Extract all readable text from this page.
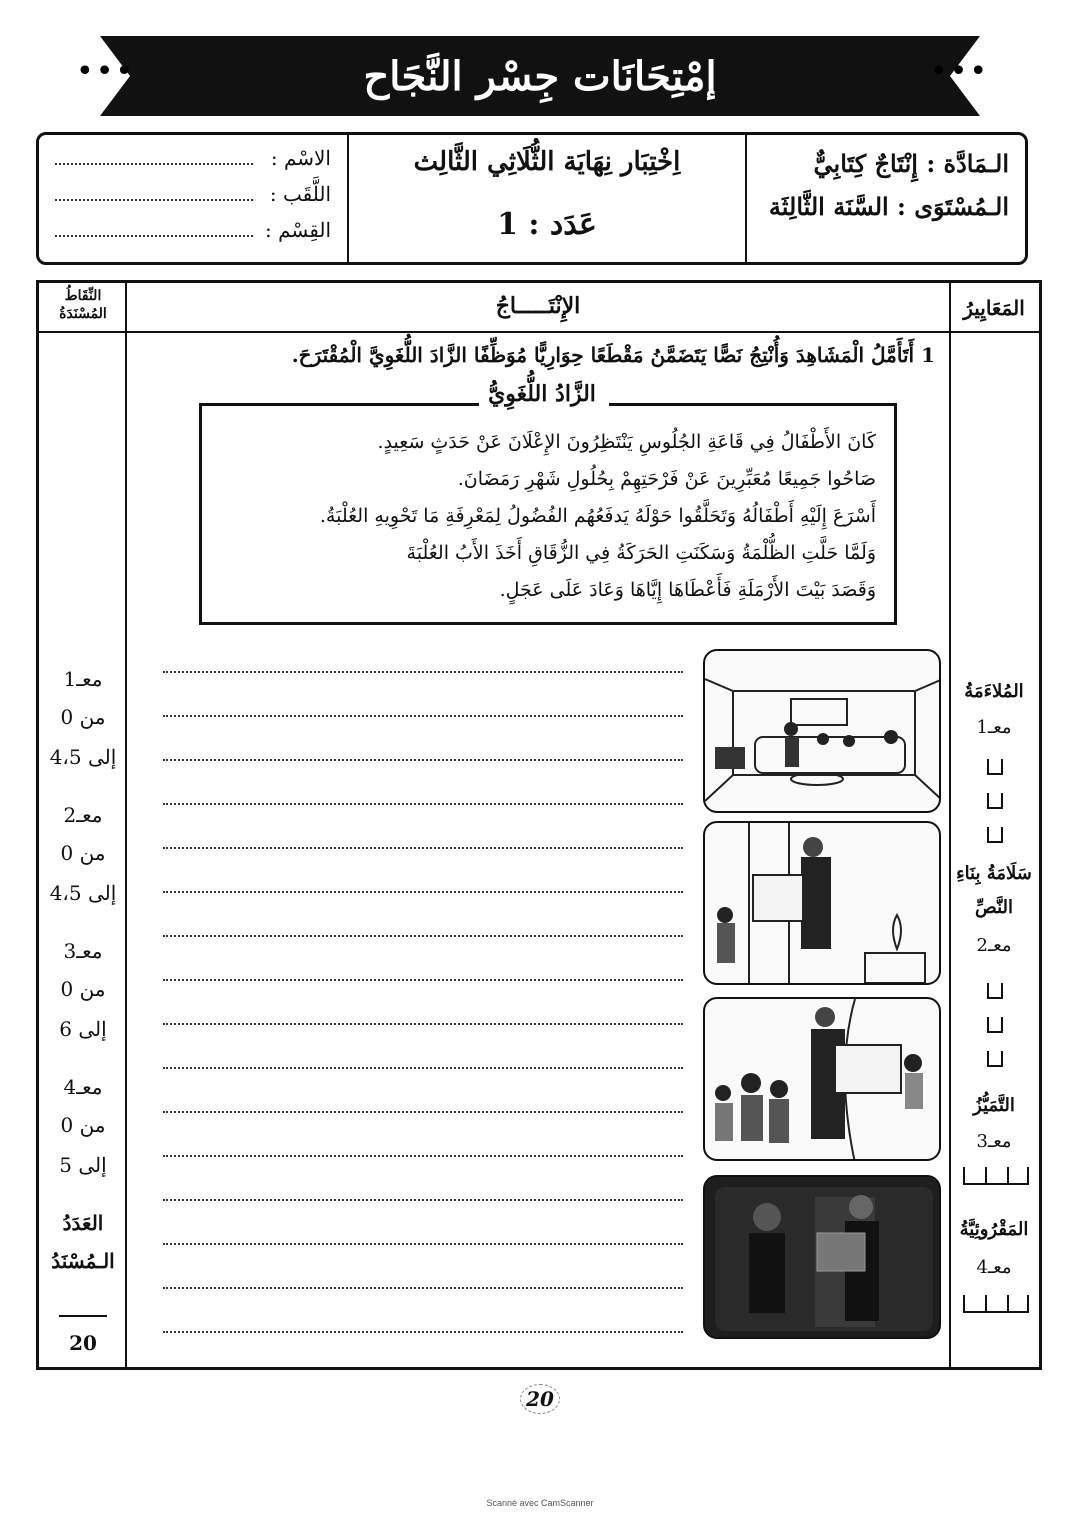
إمْتِحَانَات جِسْر النَّجَاح
•••	•••
الـمَادَّة : إِنْتَاجٌ كِتَابِيٌّ
الـمُسْتَوَى : السَّنَة الثَّالِثَة
اِخْتِبَار نِهَايَة الثُّلَاثِي الثَّالِث
عَدَد : 1
الاسْم :
اللَّقَب :
القِسْم :
المَعَايِيرُ
الإِنْتَـــــاجُ
النِّقَاطُ المُسْنَدَةُ
1 أَتَأَمَّلُ الْمَشَاهِدَ وَأُنْتِجُ نَصًّا يَتَضَمَّنُ مَقْطَعًا حِوَارِيًّا مُوَظِّفًا الزَّادَ اللُّغَوِيَّ الْمُقْتَرَحَ.

كَانَ الأَطْفَالُ فِي قَاعَةِ الجُلُوسِ يَنْتَظِرُونَ الإِعْلَانَ عَنْ حَدَثٍ سَعِيدٍ.

صَاحُوا جَمِيعًا مُعَبِّرِينَ عَنْ فَرْحَتِهِمْ بِحُلُولِ شَهْرِ رَمَضَانَ.

أَسْرَعَ إِلَيْهِ أَطْفَالُهُ وَتَحَلَّقُوا حَوْلَهُ يَدفَعُهُم الفُضُولُ لِمَعْرِفَةِ مَا تَحْوِيهِ العُلْبَةُ.

وَلَمَّا حَلَّتِ الظُّلْمَةُ وَسَكَنَتِ الحَرَكَةُ فِي الزُّقَاقِ أَخَذَ الأَبُ العُلْبَةَ

وَقَصَدَ بَيْتَ الأَرْمَلَةِ فَأَعْطَاهَا إِيَّاهَا وَعَادَ عَلَى عَجَلٍ.

الزَّادُ اللُّغَوِيُّ
المُلاءَمَةُ
معـ1
سَلَامَةُ بِنَاءِ
النَّصِّ
معـ2
التَّمَيُّزُ
معـ3
المَقْرُوئِيَّةُ
معـ4
معـ1
من 0
إلى 4،5
معـ2
من 0
إلى 4،5
معـ3
من 0
إلى 6
معـ4
من 0
إلى 5
العَدَدُ
الـمُسْنَدُ
20
20
Scanné avec CamScanner
